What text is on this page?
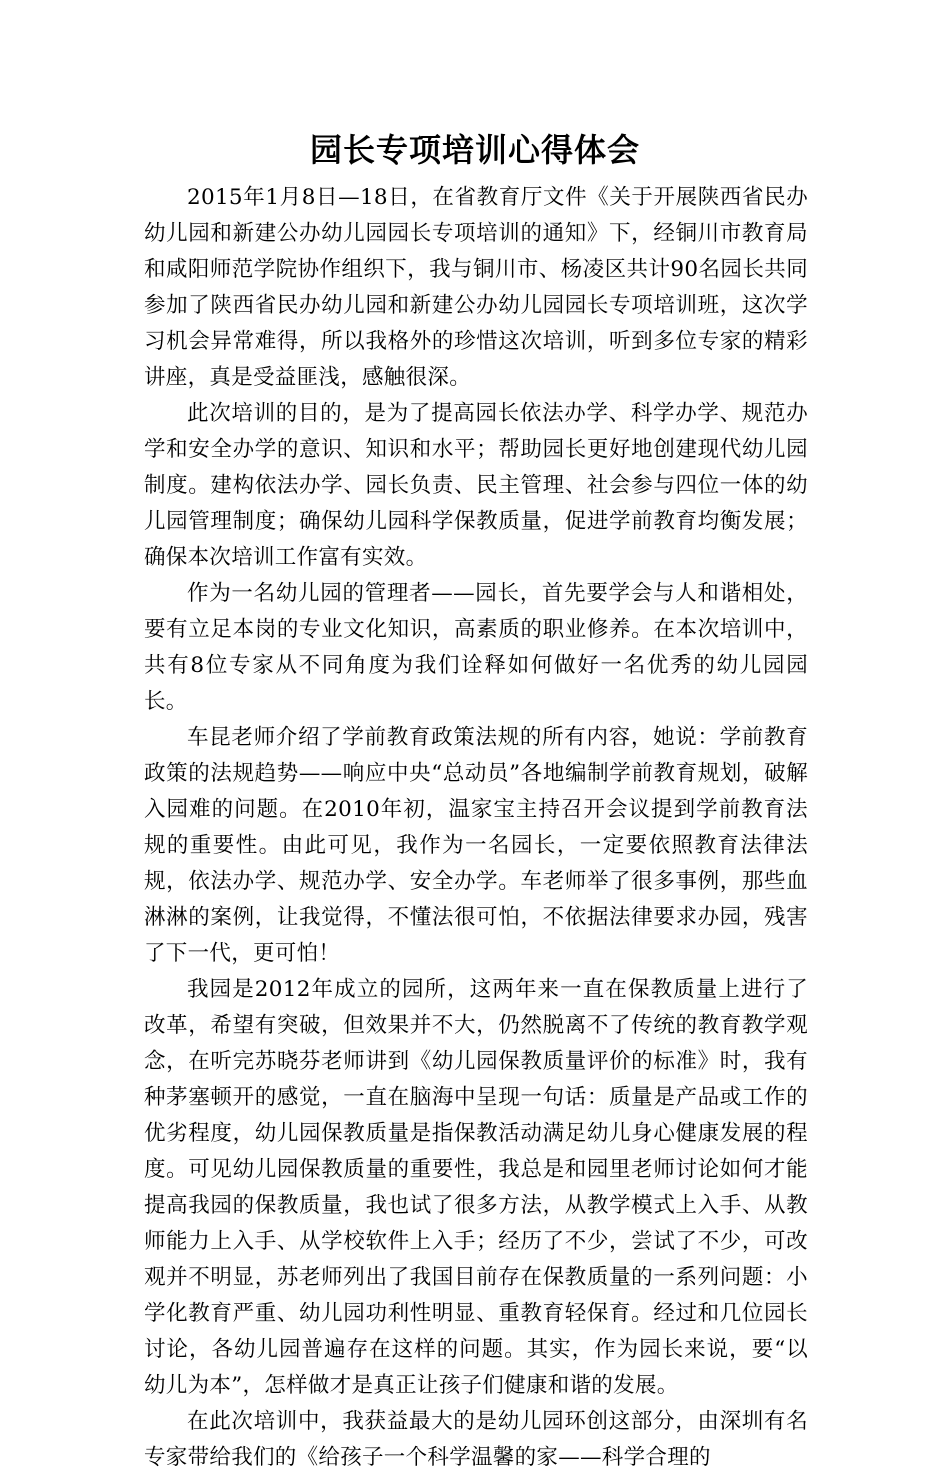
园长专项培训心得体会

2015年1月8日—18日，在省教育厅文件《关于开展陕西省民办幼儿园和新建公办幼儿园园长专项培训的通知》下，经铜川市教育局和咸阳师范学院协作组织下，我与铜川市、杨凌区共计90名园长共同参加了陕西省民办幼儿园和新建公办幼儿园园长专项培训班，这次学习机会异常难得，所以我格外的珍惜这次培训，听到多位专家的精彩讲座，真是受益匪浅，感触很深。

此次培训的目的，是为了提高园长依法办学、科学办学、规范办学和安全办学的意识、知识和水平；帮助园长更好地创建现代幼儿园制度。建构依法办学、园长负责、民主管理、社会参与四位一体的幼儿园管理制度；确保幼儿园科学保教质量，促进学前教育均衡发展；确保本次培训工作富有实效。

作为一名幼儿园的管理者——园长，首先要学会与人和谐相处，要有立足本岗的专业文化知识，高素质的职业修养。在本次培训中，共有8位专家从不同角度为我们诠释如何做好一名优秀的幼儿园园长。

车昆老师介绍了学前教育政策法规的所有内容，她说：学前教育政策的法规趋势——响应中央“总动员”各地编制学前教育规划，破解入园难的问题。在2010年初，温家宝主持召开会议提到学前教育法规的重要性。由此可见，我作为一名园长，一定要依照教育法律法规，依法办学、规范办学、安全办学。车老师举了很多事例，那些血淋淋的案例，让我觉得，不懂法很可怕，不依据法律要求办园，残害了下一代，更可怕！

我园是2012年成立的园所，这两年来一直在保教质量上进行了改革，希望有突破，但效果并不大，仍然脱离不了传统的教育教学观念，在听完苏晓芬老师讲到《幼儿园保教质量评价的标准》时，我有种茅塞顿开的感觉，一直在脑海中呈现一句话：质量是产品或工作的优劣程度，幼儿园保教质量是指保教活动满足幼儿身心健康发展的程度。可见幼儿园保教质量的重要性，我总是和园里老师讨论如何才能提高我园的保教质量，我也试了很多方法，从教学模式上入手、从教师能力上入手、从学校软件上入手；经历了不少，尝试了不少，可改观并不明显，苏老师列出了我国目前存在保教质量的一系列问题：小学化教育严重、幼儿园功利性明显、重教育轻保育。经过和几位园长讨论，各幼儿园普遍存在这样的问题。其实，作为园长来说，要“以幼儿为本”，怎样做才是真正让孩子们健康和谐的发展。

在此次培训中，我获益最大的是幼儿园环创这部分，由深圳有名专家带给我们的《给孩子一个科学温馨的家——科学合理的
